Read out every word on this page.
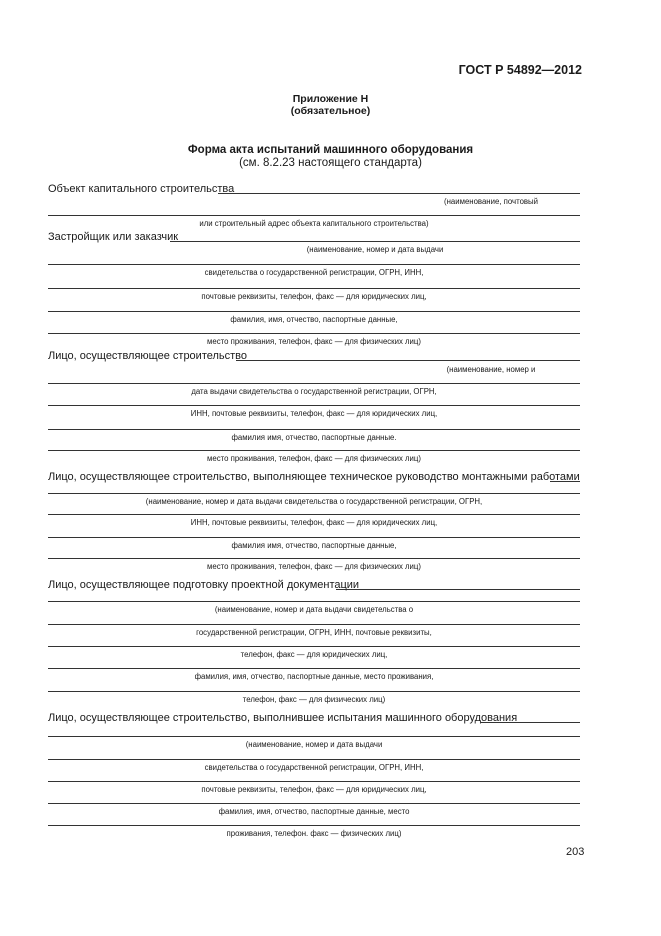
ГОСТ Р 54892—2012
Приложение Н
(обязательное)
Форма акта испытаний машинного оборудования
(см. 8.2.23 настоящего стандарта)
Объект капитального строительства
(наименование, почтовый
или строительный адрес объекта капитального строительства)
Застройщик или заказчик
(наименование, номер и дата выдачи
свидетельства о государственной регистрации, ОГРН, ИНН,
почтовые реквизиты, телефон, факс — для юридических лиц,
фамилия, имя, отчество, паспортные данные,
место проживания, телефон, факс — для физических лиц)
Лицо, осуществляющее строительство
(наименование, номер и
дата выдачи свидетельства о государственной регистрации, ОГРН,
ИНН, почтовые реквизиты, телефон, факс — для юридических лиц,
фамилия имя, отчество, паспортные данные.
место проживания, телефон, факс — для физических лиц)
Лицо, осуществляющее строительство, выполняющее техническое руководство монтажными работами
(наименование, номер и дата выдачи свидетельства о государственной регистрации, ОГРН,
ИНН, почтовые реквизиты, телефон, факс — для юридических лиц,
фамилия имя, отчество, паспортные данные,
место проживания, телефон, факс — для физических лиц)
Лицо, осуществляющее подготовку проектной документации
(наименование, номер и дата выдачи свидетельства о
государственной регистрации, ОГРН, ИНН, почтовые реквизиты,
телефон, факс — для юридических лиц,
фамилия, имя, отчество, паспортные данные, место проживания,
телефон, факс — для физических лиц)
Лицо, осуществляющее строительство, выполнившее испытания машинного оборудования
(наименование, номер и дата выдачи
свидетельства о государственной регистрации, ОГРН, ИНН,
почтовые реквизиты, телефон, факс — для юридических лиц,
фамилия, имя, отчество, паспортные данные, место
проживания, телефон. факс — физических лиц)
203
